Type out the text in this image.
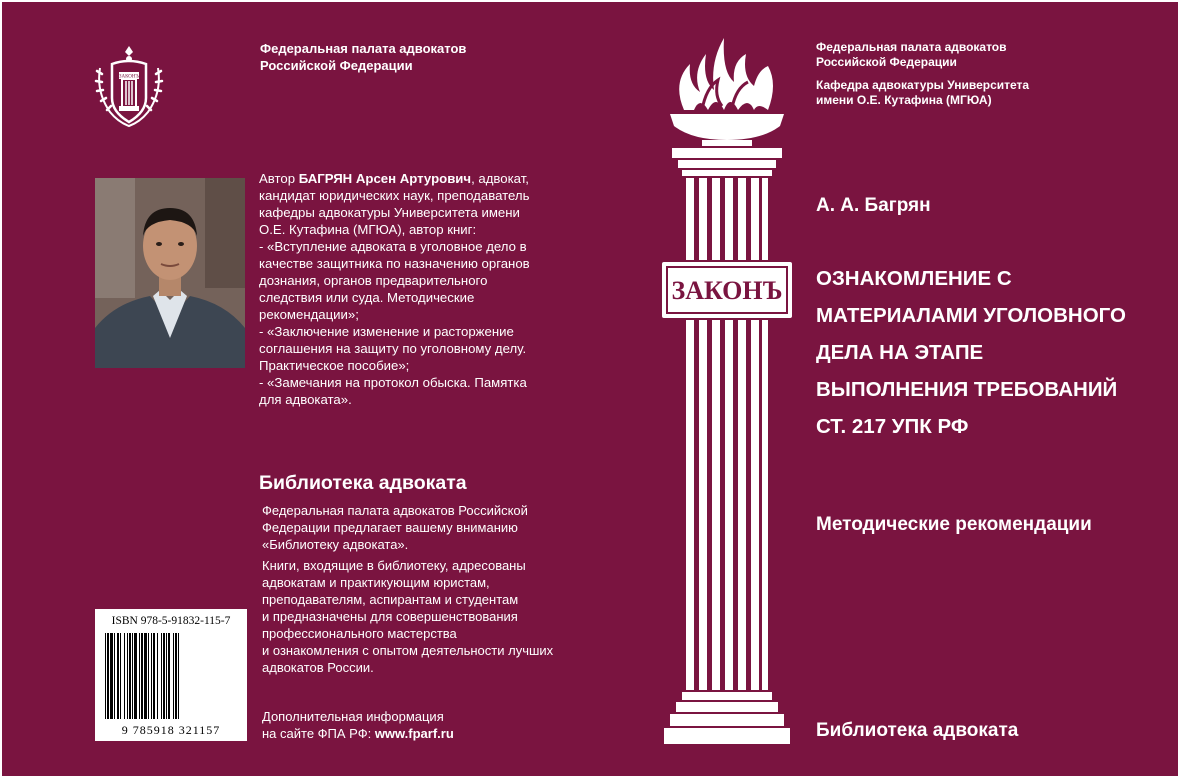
ЗАКОНЪ
Федеральная палата адвокатов
Российской Федерации

Автор БАГРЯН Арсен Артурович, адвокат,

кандидат юридических наук, преподаватель

кафедры адвокатуры Университета имени

О.Е. Кутафина (МГЮА), автор книг:

- «Вступление адвоката в уголовное дело в

качестве защитника по назначению органов

дознания, органов предварительного

следствия или суда. Методические

рекомендации»;

- «Заключение изменение и расторжение

соглашения на защиту по уголовному делу.

Практическое пособие»;

- «Замечания на протокол обыска. Памятка

для адвоката».

Библиотека адвоката

Федеральная палата адвокатов Российской
Федерации предлагает вашему вниманию
«Библиотеку адвоката».

Книги, входящие в библиотеку, адресованы
адвокатам и практикующим юристам,
преподавателям, аспирантам и студентам
и предназначены для совершенствования
профессионального мастерства
и ознакомления с опытом деятельности лучших
адвокатов России.

Дополнительная информация
на сайте ФПА РФ: www.fparf.ru
ISBN 978-5-91832-115-7
9 785918 321157
ЗАКОНЪ

Федеральная палата адвокатов
Российской Федерации

Кафедра адвокатуры Университета
имени О.Е. Кутафина (МГЮА)

А. А. Багрян
ОЗНАКОМЛЕНИЕ С
МАТЕРИАЛАМИ УГОЛОВНОГО
ДЕЛА НА ЭТАПЕ
ВЫПОЛНЕНИЯ ТРЕБОВАНИЙ
СТ. 217 УПК РФ
Методические рекомендации
Библиотека адвоката
